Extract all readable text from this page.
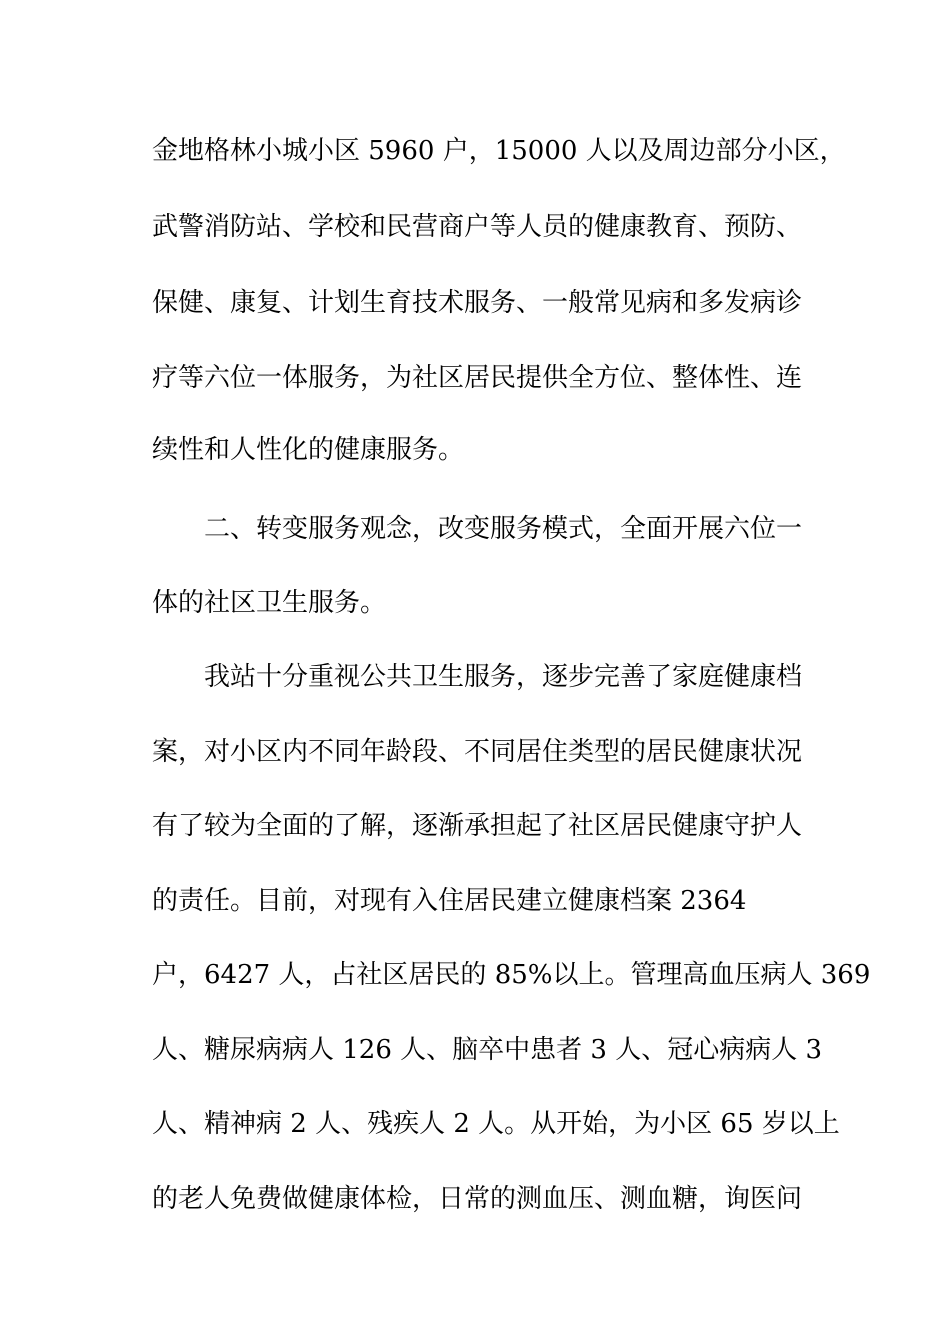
金地格林小城小区 5960 户，15000 人以及周边部分小区，
武警消防站、学校和民营商户等人员的健康教育、预防、
保健、康复、计划生育技术服务、一般常见病和多发病诊
疗等六位一体服务，为社区居民提供全方位、整体性、连
续性和人性化的健康服务。
二、转变服务观念，改变服务模式，全面开展六位一
体的社区卫生服务。
我站十分重视公共卫生服务，逐步完善了家庭健康档
案，对小区内不同年龄段、不同居住类型的居民健康状况
有了较为全面的了解，逐渐承担起了社区居民健康守护人
的责任。目前，对现有入住居民建立健康档案 2364
户，6427 人，占社区居民的 85%以上。管理高血压病人 369
人、糖尿病病人 126 人、脑卒中患者 3 人、冠心病病人 3
人、精神病 2 人、残疾人 2 人。从开始，为小区 65 岁以上
的老人免费做健康体检，日常的测血压、测血糖，询医问
